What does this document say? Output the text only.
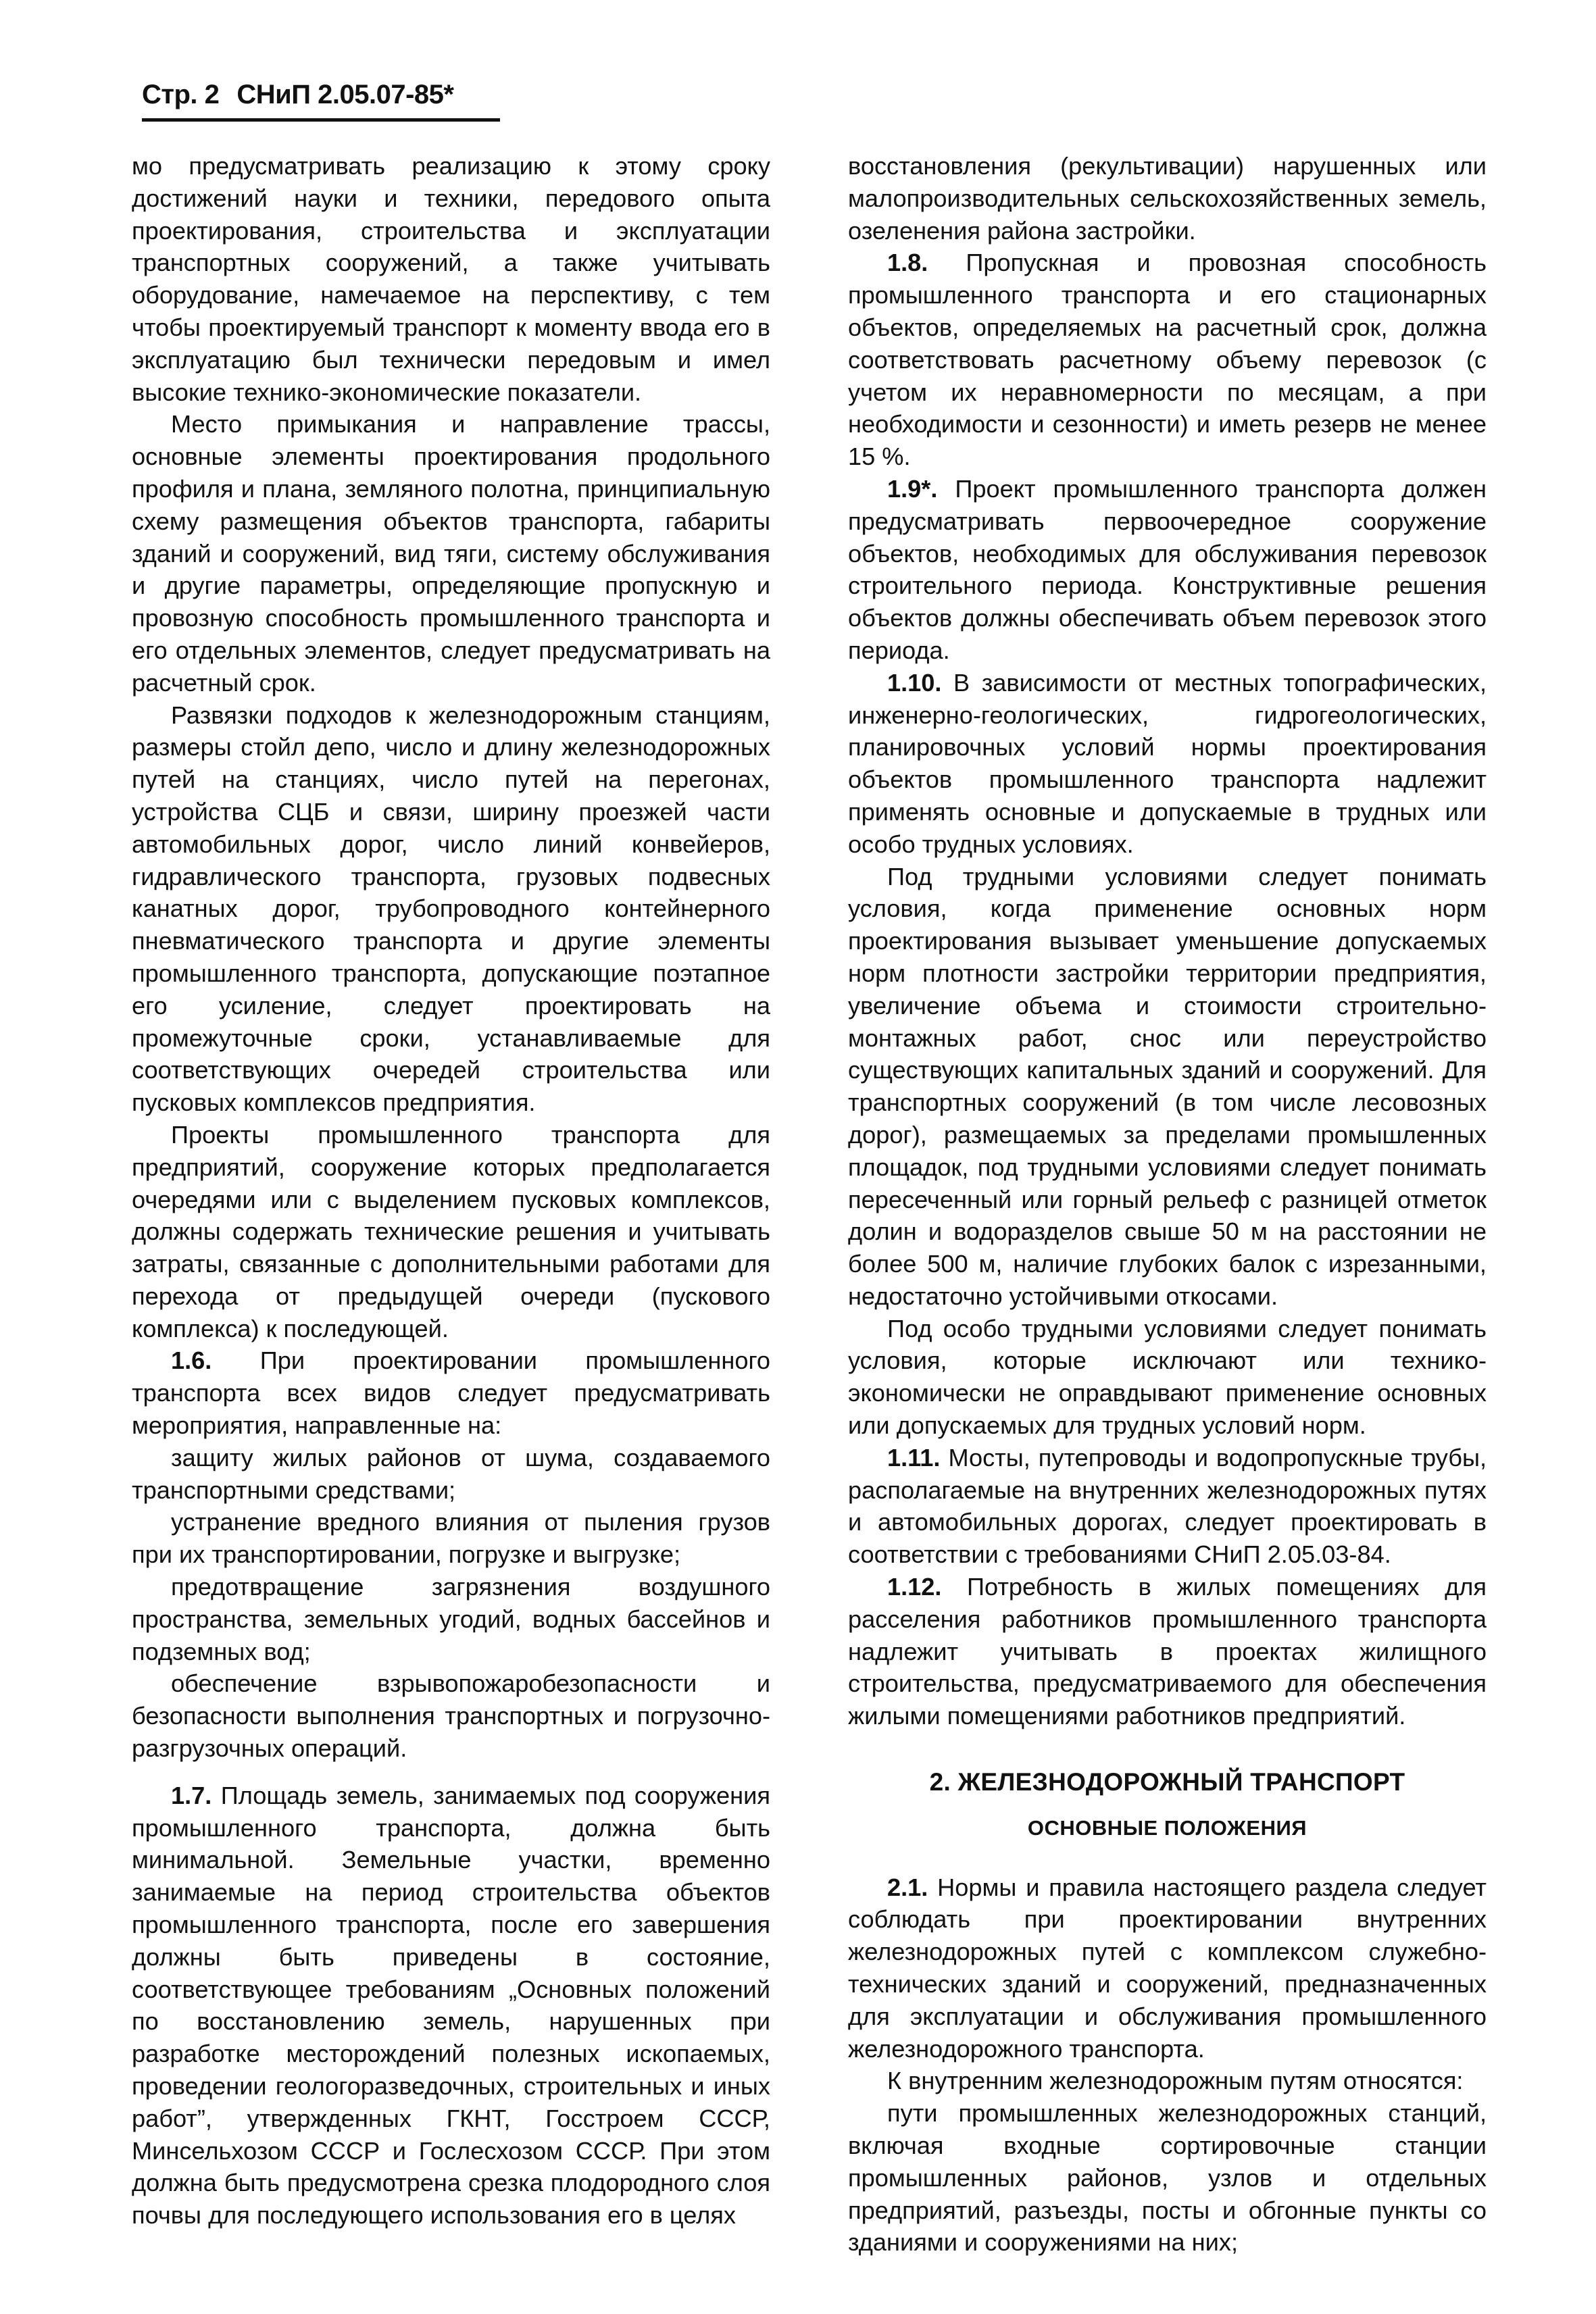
Стр. 2 СНиП 2.05.07-85*

мо предусматривать реализацию к этому сроку достижений науки и техники, передового опыта проектирования, строительства и эксплуатации транспортных сооружений, а также учитывать оборудование, намечаемое на перспективу, с тем чтобы проектируемый транспорт к моменту ввода его в эксплуатацию был технически передовым и имел высокие технико-экономические показатели.

Место примыкания и направление трассы, основные элементы проектирования продольного профиля и плана, земляного полотна, принципиальную схему размещения объектов транспорта, габариты зданий и сооружений, вид тяги, систему обслуживания и другие параметры, определяющие пропускную и провозную способность промышленного транспорта и его отдельных элементов, следует предусматривать на расчетный срок.

Развязки подходов к железнодорожным станциям, размеры стойл депо, число и длину железнодорожных путей на станциях, число путей на перегонах, устройства СЦБ и связи, ширину проезжей части автомобильных дорог, число линий конвейеров, гидравлического транспорта, грузовых подвесных канатных дорог, трубопроводного контейнерного пневматического транспорта и другие элементы промышленного транспорта, допускающие поэтапное его усиление, следует проектировать на промежуточные сроки, устанавливаемые для соответствующих очередей строительства или пусковых комплексов предприятия.

Проекты промышленного транспорта для предприятий, сооружение которых предполагается очередями или с выделением пусковых комплексов, должны содержать технические решения и учитывать затраты, связанные с дополнительными работами для перехода от предыдущей очереди (пускового комплекса) к последующей.

1.6. При проектировании промышленного транспорта всех видов следует предусматривать мероприятия, направленные на:

защиту жилых районов от шума, создаваемого транспортными средствами;

устранение вредного влияния от пыления грузов при их транспортировании, погрузке и выгрузке;

предотвращение загрязнения воздушного пространства, земельных угодий, водных бассейнов и подземных вод;

обеспечение взрывопожаробезопасности и безопасности выполнения транспортных и погрузочно-разгрузочных операций.

1.7. Площадь земель, занимаемых под сооружения промышленного транспорта, должна быть минимальной. Земельные участки, временно занимаемые на период строительства объектов промышленного транспорта, после его завершения должны быть приведены в состояние, соответствующее требованиям „Основных положений по восстановлению земель, нарушенных при разработке месторождений полезных ископаемых, проведении геологоразведочных, строительных и иных работ”, утвержденных ГКНТ, Госстроем СССР, Минсельхозом СССР и Гослесхозом СССР. При этом должна быть предусмотрена срезка плодородного слоя почвы для последующего использования его в целях

восстановления (рекультивации) нарушенных или малопроизводительных сельскохозяйственных земель, озеленения района застройки.

1.8. Пропускная и провозная способность промышленного транспорта и его стационарных объектов, определяемых на расчетный срок, должна соответствовать расчетному объему перевозок (с учетом их неравномерности по месяцам, а при необходимости и сезонности) и иметь резерв не менее 15 %.

1.9*. Проект промышленного транспорта должен предусматривать первоочередное сооружение объектов, необходимых для обслуживания перевозок строительного периода. Конструктивные решения объектов должны обеспечивать объем перевозок этого периода.

1.10. В зависимости от местных топографических, инженерно-геологических, гидрогеологических, планировочных условий нормы проектирования объектов промышленного транспорта надлежит применять основные и допускаемые в трудных или особо трудных условиях.

Под трудными условиями следует понимать условия, когда применение основных норм проектирования вызывает уменьшение допускаемых норм плотности застройки территории предприятия, увеличение объема и стоимости строительно-монтажных работ, снос или переустройство существующих капитальных зданий и сооружений. Для транспортных сооружений (в том числе лесовозных дорог), размещаемых за пределами промышленных площадок, под трудными условиями следует понимать пересеченный или горный рельеф с разницей отметок долин и водоразделов свыше 50 м на расстоянии не более 500 м, наличие глубоких балок с изрезанными, недостаточно устойчивыми откосами.

Под особо трудными условиями следует понимать условия, которые исключают или технико-экономически не оправдывают применение основных или допускаемых для трудных условий норм.

1.11. Мосты, путепроводы и водопропускные трубы, располагаемые на внутренних железнодорожных путях и автомобильных дорогах, следует проектировать в соответствии с требованиями СНиП 2.05.03-84.

1.12. Потребность в жилых помещениях для расселения работников промышленного транспорта надлежит учитывать в проектах жилищного строительства, предусматриваемого для обеспечения жилыми помещениями работников предприятий.

2. ЖЕЛЕЗНОДОРОЖНЫЙ ТРАНСПОРТ
ОСНОВНЫЕ ПОЛОЖЕНИЯ

2.1. Нормы и правила настоящего раздела следует соблюдать при проектировании внутренних железнодорожных путей с комплексом служебно-технических зданий и сооружений, предназначенных для эксплуатации и обслуживания промышленного железнодорожного транспорта.

К внутренним железнодорожным путям относятся:

пути промышленных железнодорожных станций, включая входные сортировочные станции промышленных районов, узлов и отдельных предприятий, разъезды, посты и обгонные пункты со зданиями и сооружениями на них;
